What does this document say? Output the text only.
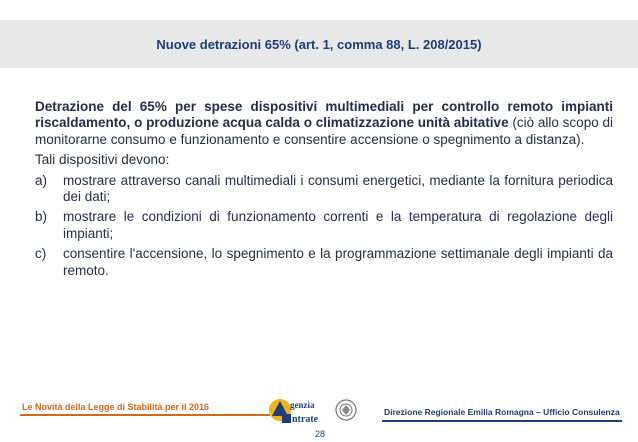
Nuove detrazioni 65% (art. 1, comma 88, L. 208/2015)

Detrazione del 65% per spese dispositivi multimediali per controllo remoto impianti riscaldamento, o produzione acqua calda o climatizzazione unità abitative (ciò allo scopo di monitorarne consumo e funzionamento e consentire accensione o spegnimento a distanza).

Tali dispositivi devono:

a)	mostrare attraverso canali multimediali i consumi energetici, mediante la fornitura periodica dei dati;
b)	mostrare le condizioni di funzionamento correnti e la temperatura di regolazione degli impianti;
c)	consentire l'accensione, lo spegnimento e la programmazione settimanale degli impianti da remoto.
Le Novità della Legge di Stabilità per il 2016	genzia
ntrate
Direzione Regionale Emilia Romagna – Ufficio Consulenza
28
